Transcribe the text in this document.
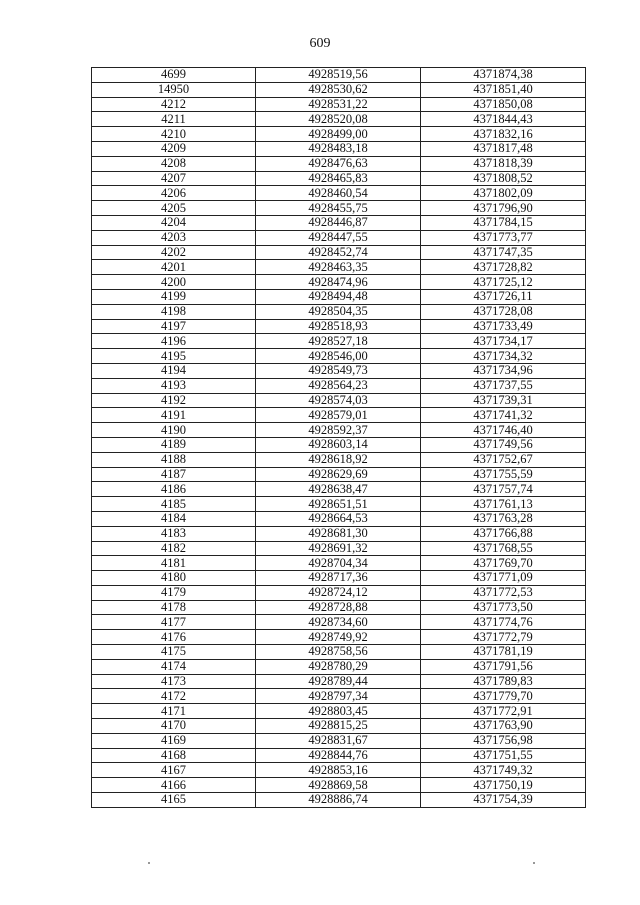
609
4699	4928519,56	4371874,38
14950	4928530,62	4371851,40
4212	4928531,22	4371850,08
4211	4928520,08	4371844,43
4210	4928499,00	4371832,16
4209	4928483,18	4371817,48
4208	4928476,63	4371818,39
4207	4928465,83	4371808,52
4206	4928460,54	4371802,09
4205	4928455,75	4371796,90
4204	4928446,87	4371784,15
4203	4928447,55	4371773,77
4202	4928452,74	4371747,35
4201	4928463,35	4371728,82
4200	4928474,96	4371725,12
4199	4928494,48	4371726,11
4198	4928504,35	4371728,08
4197	4928518,93	4371733,49
4196	4928527,18	4371734,17
4195	4928546,00	4371734,32
4194	4928549,73	4371734,96
4193	4928564,23	4371737,55
4192	4928574,03	4371739,31
4191	4928579,01	4371741,32
4190	4928592,37	4371746,40
4189	4928603,14	4371749,56
4188	4928618,92	4371752,67
4187	4928629,69	4371755,59
4186	4928638,47	4371757,74
4185	4928651,51	4371761,13
4184	4928664,53	4371763,28
4183	4928681,30	4371766,88
4182	4928691,32	4371768,55
4181	4928704,34	4371769,70
4180	4928717,36	4371771,09
4179	4928724,12	4371772,53
4178	4928728,88	4371773,50
4177	4928734,60	4371774,76
4176	4928749,92	4371772,79
4175	4928758,56	4371781,19
4174	4928780,29	4371791,56
4173	4928789,44	4371789,83
4172	4928797,34	4371779,70
4171	4928803,45	4371772,91
4170	4928815,25	4371763,90
4169	4928831,67	4371756,98
4168	4928844,76	4371751,55
4167	4928853,16	4371749,32
4166	4928869,58	4371750,19
4165	4928886,74	4371754,39
